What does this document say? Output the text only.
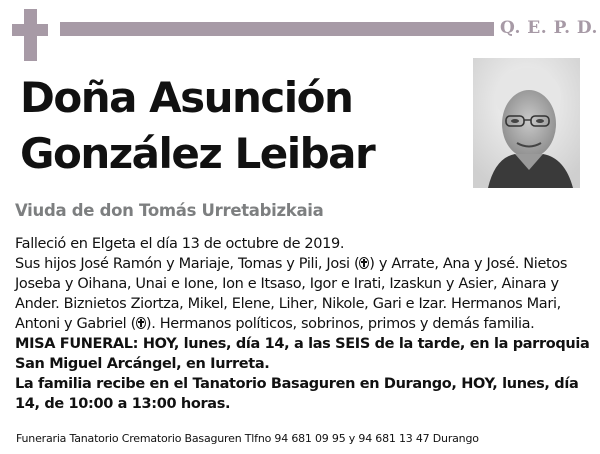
Q. E. P. D.
Doña Asunción
González Leibar
Viuda de don Tomás Urretabizkaia

Falleció en Elgeta el día 13 de octubre de 2019.

Sus hijos José Ramón y Mariaje, Tomas y Pili, Josi ( ) y Arrate, Ana y José. Nietos Joseba y Oihana, Unai e Ione, Ion e Itsaso, Igor e Irati, Izaskun y Asier, Ainara y Ander. Biznietos Ziortza, Mikel, Elene, Liher, Nikole, Gari e Izar. Hermanos Mari, Antoni y Gabriel ( ). Hermanos políticos, sobrinos, primos y demás familia.

MISA FUNERAL: HOY, lunes, día 14, a las SEIS de la tarde, en la parroquia San Miguel Arcángel, en Iurreta.

La familia recibe en el Tanatorio Basaguren en Durango, HOY, lunes, día 14, de 10:00 a 13:00 horas.

Funeraria Tanatorio Crematorio Basaguren Tlfno 94 681 09 95 y 94 681 13 47 Durango
